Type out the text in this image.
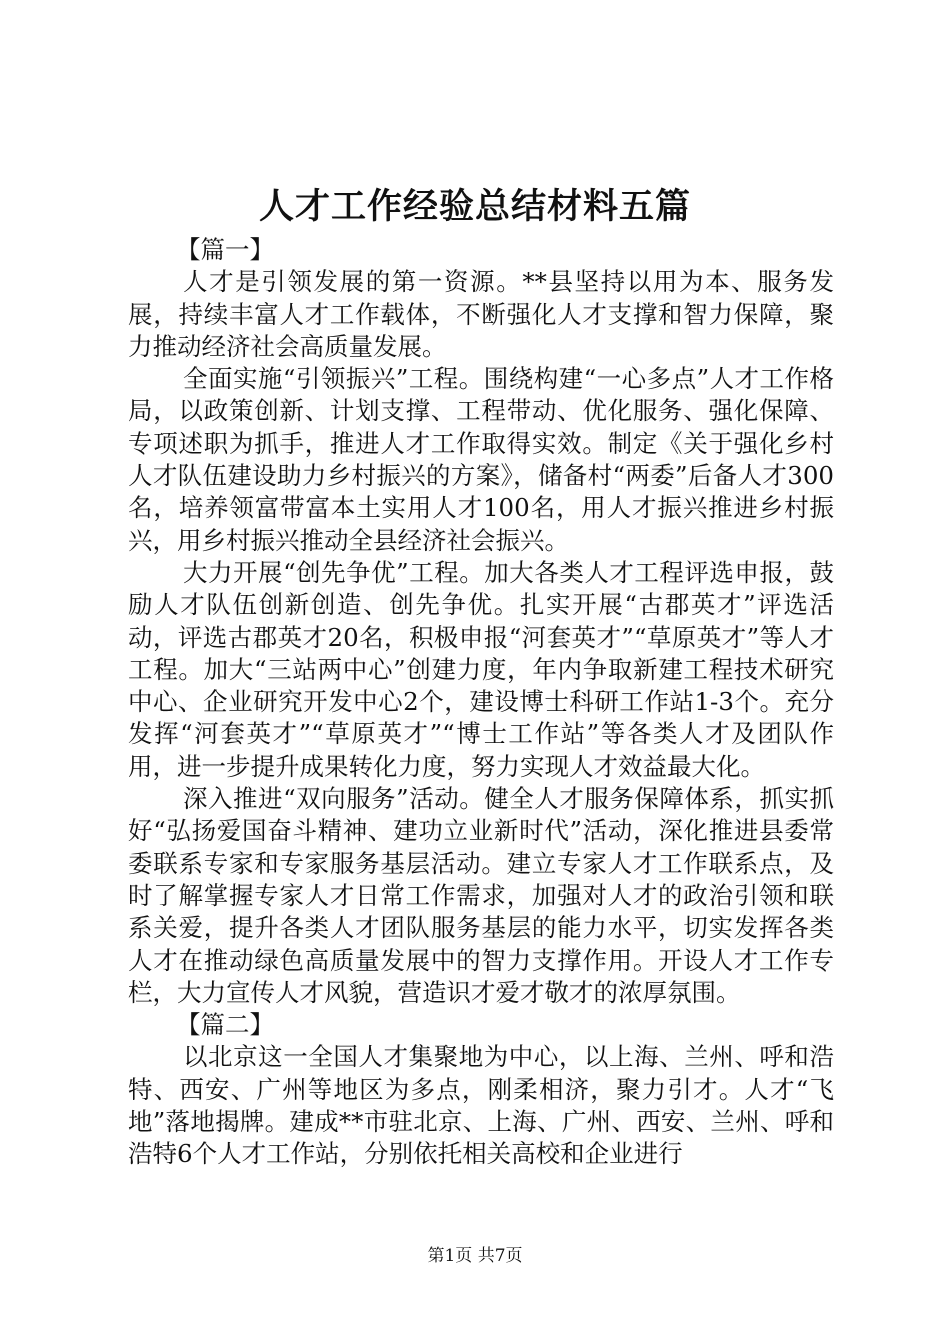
人才工作经验总结材料五篇
【篇一】

人才是引领发展的第一资源。**县坚持以用为本、服务发展，持续丰富人才工作载体，不断强化人才支撑和智力保障，聚力推动经济社会高质量发展。

全面实施“引领振兴”工程。围绕构建“一心多点”人才工作格局，以政策创新、计划支撑、工程带动、优化服务、强化保障、专项述职为抓手，推进人才工作取得实效。制定《关于强化乡村人才队伍建设助力乡村振兴的方案》，储备村“两委”后备人才300名，培养领富带富本土实用人才100名，用人才振兴推进乡村振兴，用乡村振兴推动全县经济社会振兴。

大力开展“创先争优”工程。加大各类人才工程评选申报，鼓励人才队伍创新创造、创先争优。扎实开展“古郡英才”评选活动，评选古郡英才20名，积极申报“河套英才”“草原英才”等人才工程。加大“三站两中心”创建力度，年内争取新建工程技术研究中心、企业研究开发中心2个，建设博士科研工作站1-3个。充分发挥“河套英才”“草原英才”“博士工作站”等各类人才及团队作用，进一步提升成果转化力度，努力实现人才效益最大化。

深入推进“双向服务”活动。健全人才服务保障体系，抓实抓好“弘扬爱国奋斗精神、建功立业新时代”活动，深化推进县委常委联系专家和专家服务基层活动。建立专家人才工作联系点，及时了解掌握专家人才日常工作需求，加强对人才的政治引领和联系关爱，提升各类人才团队服务基层的能力水平，切实发挥各类人才在推动绿色高质量发展中的智力支撑作用。开设人才工作专栏，大力宣传人才风貌，营造识才爱才敬才的浓厚氛围。

【篇二】

以北京这一全国人才集聚地为中心，以上海、兰州、呼和浩特、西安、广州等地区为多点，刚柔相济，聚力引才。人才“飞地”落地揭牌。建成**市驻北京、上海、广州、西安、兰州、呼和浩特6个人才工作站，分别依托相关高校和企业进行

第1页 共7页
